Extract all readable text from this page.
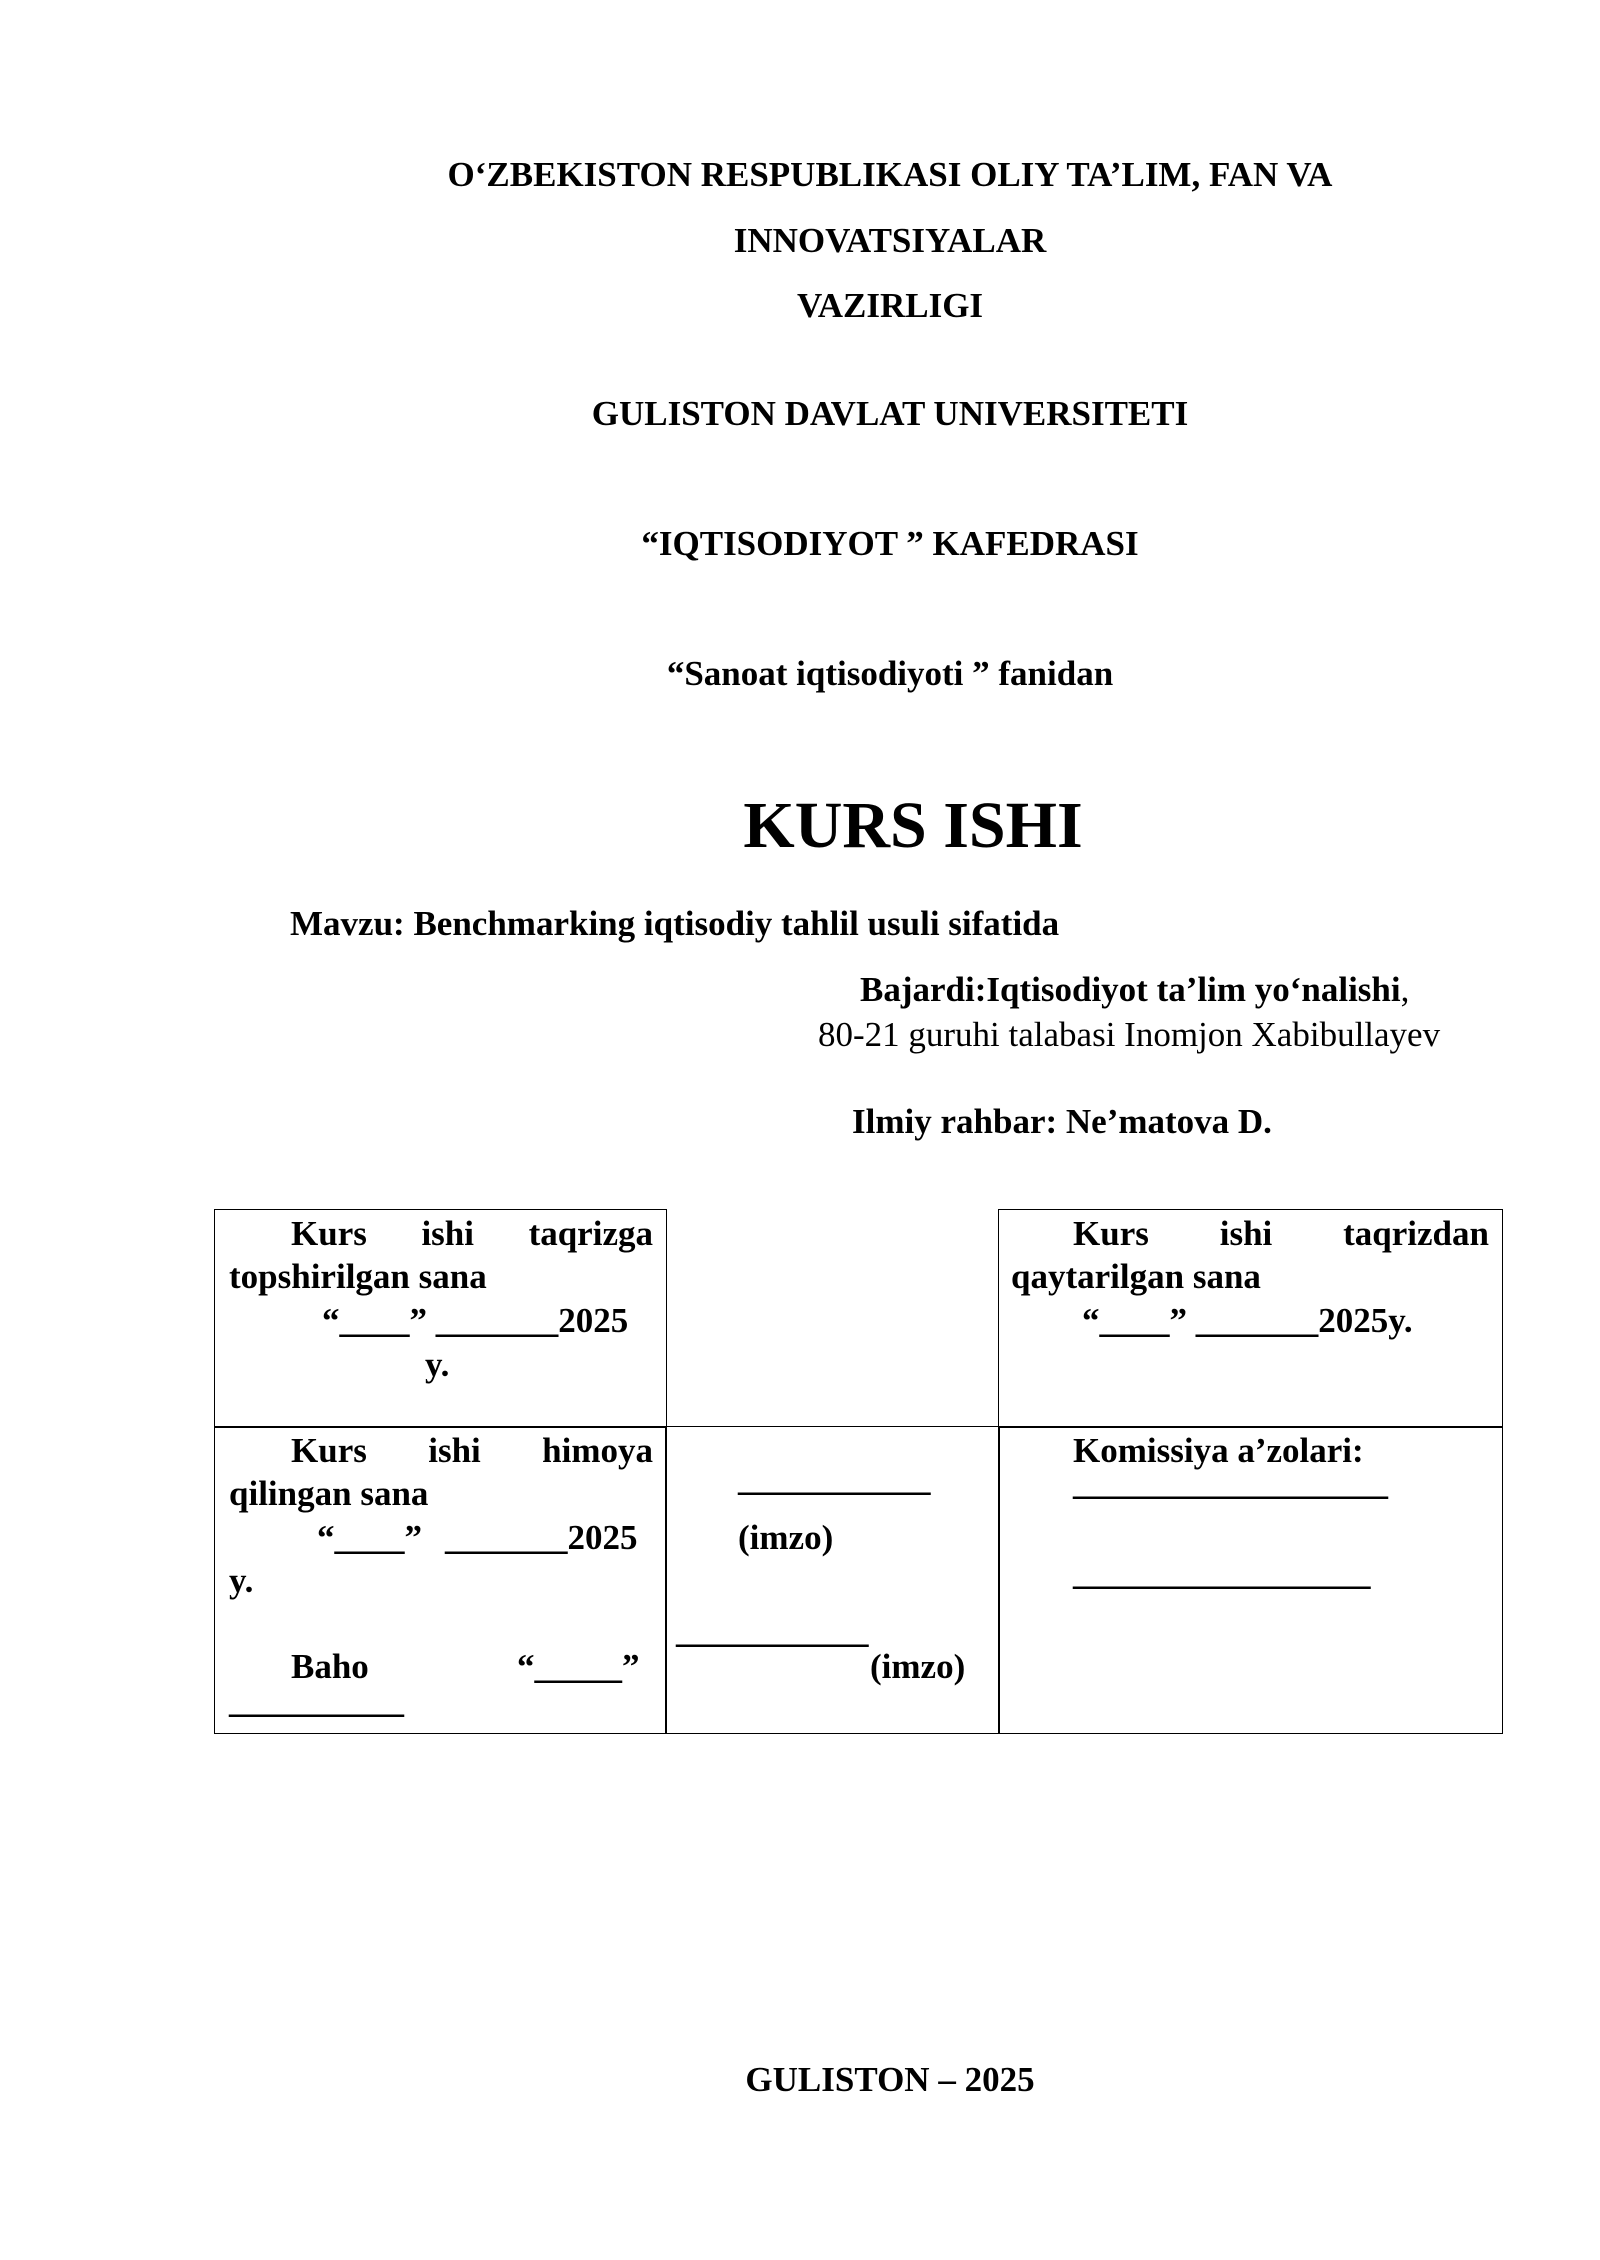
O‘ZBEKISTON RESPUBLIKASI OLIY TA’LIM, FAN VA
INNOVATSIYALAR
VAZIRLIGI
GULISTON DAVLAT UNIVERSITETI
“IQTISODIYOT ” KAFEDRASI
“Sanoat iqtisodiyoti ” fanidan
KURS ISHI
Mavzu: Benchmarking iqtisodiy tahlil usuli sifatida
Bajardi:Iqtisodiyot ta’lim yo‘nalishi,
80-21 guruhi talabasi Inomjon Xabibullayev
Ilmiy rahbar: Ne’matova D.
Kurs ishi taqrizga
topshirilgan sana
“____” _______2025
y.
Kurs ishi taqrizdan
qaytarilgan sana
“____” _______2025y.
Kurs ishi himoya
qilingan sana
“____” _______2025
y.
Baho	“_____”
__________
___________
(imzo)
___________
(imzo)
Komissiya a’zolari:
__________________
_________________
GULISTON – 2025
